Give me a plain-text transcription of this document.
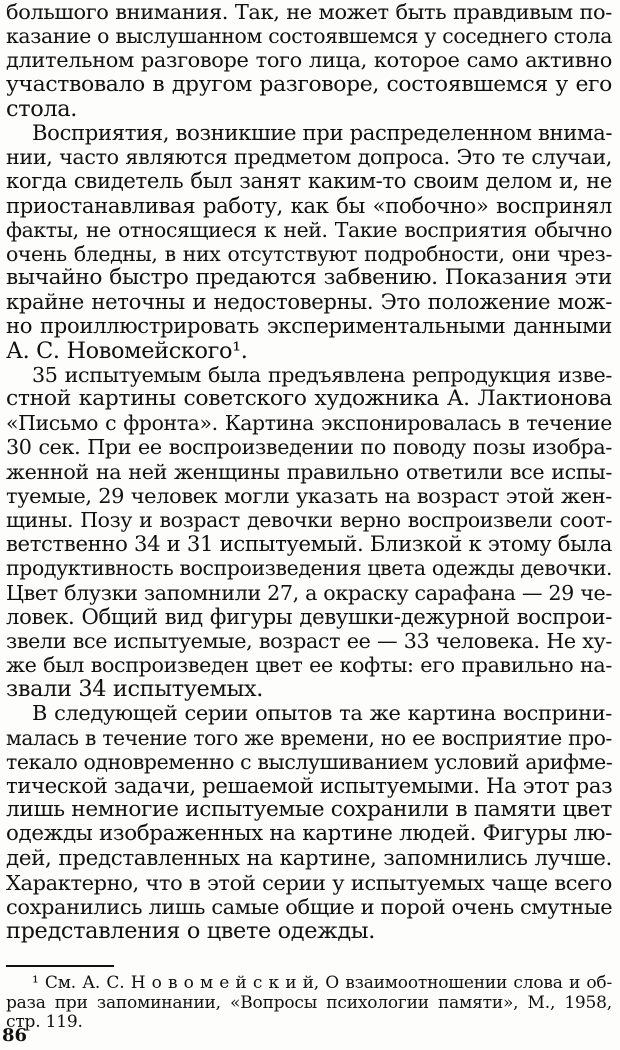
большого внимания. Так, не может быть правдивым по-
казание о выслушанном состоявшемся у соседнего стола
длительном разговоре того лица, которое само активно
участвовало в другом разговоре, состоявшемся у его
стола.
Восприятия, возникшие при распределенном внима-
нии, часто являются предметом допроса. Это те случаи,
когда свидетель был занят каким-то своим делом и, не
приостанавливая работу, как бы «побочно» воспринял
факты, не относящиеся к ней. Такие восприятия обычно
очень бледны, в них отсутствуют подробности, они чрез-
вычайно быстро предаются забвению. Показания эти
крайне неточны и недостоверны. Это положение мож-
но проиллюстрировать экспериментальными данными
А. С. Новомейского¹.
35 испытуемым была предъявлена репродукция изве-
стной картины советского художника А. Лактионова
«Письмо с фронта». Картина экспонировалась в течение
30 сек. При ее воспроизведении по поводу позы изобра-
женной на ней женщины правильно ответили все испы-
туемые, 29 человек могли указать на возраст этой жен-
щины. Позу и возраст девочки верно воспроизвели соот-
ветственно 34 и 31 испытуемый. Близкой к этому была
продуктивность воспроизведения цвета одежды девочки.
Цвет блузки запомнили 27, а окраску сарафана — 29 че-
ловек. Общий вид фигуры девушки-дежурной воспрои-
звели все испытуемые, возраст ее — 33 человека. Не ху-
же был воспроизведен цвет ее кофты: его правильно на-
звали 34 испытуемых.
В следующей серии опытов та же картина восприни-
малась в течение того же времени, но ее восприятие про-
текало одновременно с выслушиванием условий арифме-
тической задачи, решаемой испытуемыми. На этот раз
лишь немногие испытуемые сохранили в памяти цвет
одежды изображенных на картине людей. Фигуры лю-
дей, представленных на картине, запомнились лучше.
Характерно, что в этой серии у испытуемых чаще всего
сохранились лишь самые общие и порой очень смутные
представления о цвете одежды.
¹ См. А. С. Н о в о м е й с к и й, О взаимоотношении слова и об-
раза при запоминании, «Вопросы психологии памяти», М., 1958,
стр. 119.
86
